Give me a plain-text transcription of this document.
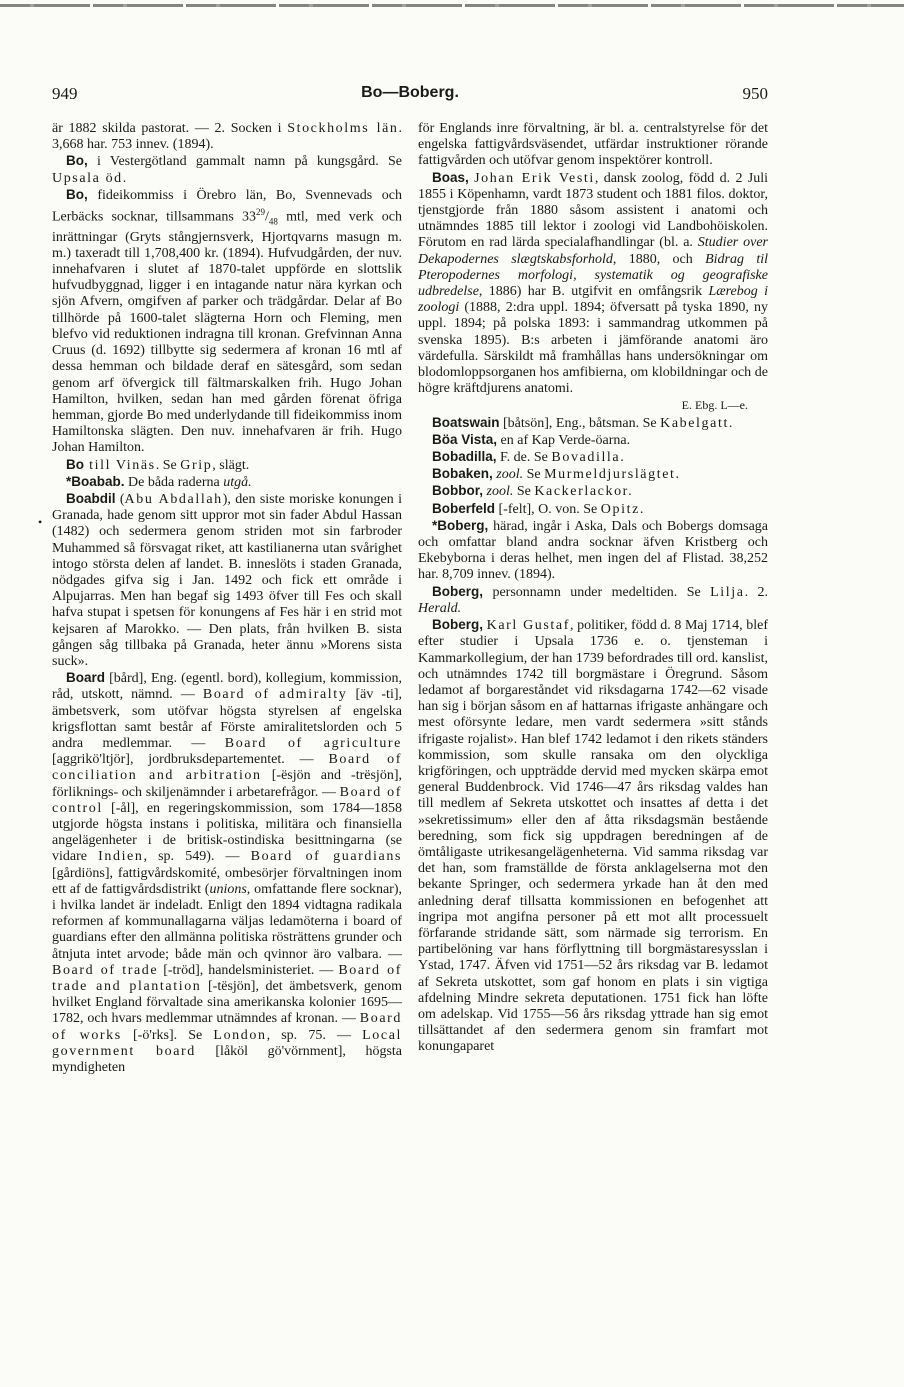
949	Bo—Boberg.	950
•

är 1882 skilda pastorat. — 2. Socken i Stockholms län. 3,668 har. 753 innev. (1894).

Bo, i Vestergötland gammalt namn på kungsgård. Se Upsala öd.

Bo, fideikommiss i Örebro län, Bo, Svennevads och Lerbäcks socknar, tillsammans $33^{29}/_{48}$ mtl, med verk och inrättningar (Gryts stångjernsverk, Hjortqvarns masugn m. m.) taxeradt till 1,708,400 kr. (1894). Hufvudgården, der nuv. innehafvaren i slutet af 1870-talet uppförde en slottslik hufvudbyggnad, ligger i en intagande natur nära kyrkan och sjön Afvern, omgifven af parker och trädgårdar. Delar af Bo tillhörde på 1600-talet slägterna Horn och Fleming, men blefvo vid reduktionen indragna till kronan. Grefvinnan Anna Cruus (d. 1692) tillbytte sig sedermera af kronan 16 mtl af dessa hemman och bildade deraf en sätesgård, som sedan genom arf öfvergick till fältmarskalken frih. Hugo Johan Hamilton, hvilken, sedan han med gården förenat öfriga hemman, gjorde Bo med underlydande till fideikommiss inom Hamiltonska slägten. Den nuv. innehafvaren är frih. Hugo Johan Hamilton.

Bo till Vinäs. Se Grip, slägt.

*Boabab. De båda raderna utgå.

Boabdil (Abu Abdallah), den siste moriske konungen i Granada, hade genom sitt uppror mot sin fader Abdul Hassan (1482) och sedermera genom striden mot sin farbroder Muhammed så försvagat riket, att kastilianerna utan svårighet intogo största delen af landet. B. inneslöts i staden Granada, nödgades gifva sig i Jan. 1492 och fick ett område i Alpujarras. Men han begaf sig 1493 öfver till Fes och skall hafva stupat i spetsen för konungens af Fes här i en strid mot kejsaren af Marokko. — Den plats, från hvilken B. sista gången såg tillbaka på Granada, heter ännu »Morens sista suck».

Board [bård], Eng. (egentl. bord), kollegium, kommission, råd, utskott, nämnd. — Board of admiralty [äv -ti], ämbetsverk, som utöfvar högsta styrelsen af engelska krigsflottan samt består af Förste amiralitetslorden och 5 andra medlemmar. — Board of agriculture [aggrikö'ltjör], jordbruksdepartementet. — Board of conciliation and arbitration [-ësjön and -trësjön], förliknings- och skiljenämnder i arbetarefrågor. — Board of control [-ål], en regeringskommission, som 1784—1858 utgjorde högsta instans i politiska, militära och finansiella angelägenheter i de britisk-ostindiska besittningarna (se vidare Indien, sp. 549). — Board of guardians [gårdiöns], fattigvårdskomité, ombesörjer förvaltningen inom ett af de fattigvårdsdistrikt (unions, omfattande flere socknar), i hvilka landet är indeladt. Enligt den 1894 vidtagna radikala reformen af kommunallagarna väljas ledamöterna i board of guardians efter den allmänna politiska rösträttens grunder och åtnjuta intet arvode; både män och qvinnor äro valbara. — Board of trade [-tröd], handelsministeriet. — Board of trade and plantation [-tësjön], det ämbetsverk, genom hvilket England förvaltade sina amerikanska kolonier 1695—1782, och hvars medlemmar utnämndes af kronan. — Board of works [-ö'rks]. Se London, sp. 75. — Local government board [låköl gö'vörnment], högsta myndigheten

för Englands inre förvaltning, är bl. a. centralstyrelse för det engelska fattigvårdsväsendet, utfärdar instruktioner rörande fattigvården och utöfvar genom inspektörer kontroll.

Boas, Johan Erik Vesti, dansk zoolog, född d. 2 Juli 1855 i Köpenhamn, vardt 1873 student och 1881 filos. doktor, tjenstgjorde från 1880 såsom assistent i anatomi och utnämndes 1885 till lektor i zoologi vid Landbohöiskolen. Förutom en rad lärda specialafhandlingar (bl. a. Studier over Dekapodernes slægtskabsforhold, 1880, och Bidrag til Pteropodernes morfologi, systematik og geografiske udbredelse, 1886) har B. utgifvit en omfångsrik Lærebog i zoologi (1888, 2:dra uppl. 1894; öfversatt på tyska 1890, ny uppl. 1894; på polska 1893: i sammandrag utkommen på svenska 1895). B:s arbeten i jämförande anatomi äro värdefulla. Särskildt må framhållas hans undersökningar om blodomloppsorganen hos amfibierna, om klobildningar och de högre kräftdjurens anatomi.

E. Ebg. L—e.

Boatswain [båtsön], Eng., båtsman. Se Kabelgatt.

Böa Vista, en af Kap Verde-öarna.

Bobadilla, F. de. Se Bovadilla.

Bobaken, zool. Se Murmeldjurslägtet.

Bobbor, zool. Se Kackerlackor.

Boberfeld [-felt], O. von. Se Opitz.

*Boberg, härad, ingår i Aska, Dals och Bobergs domsaga och omfattar bland andra socknar äfven Kristberg och Ekebyborna i deras helhet, men ingen del af Flistad. 38,252 har. 8,709 innev. (1894).

Boberg, personnamn under medeltiden. Se Lilja. 2. Herald.

Boberg, Karl Gustaf, politiker, född d. 8 Maj 1714, blef efter studier i Upsala 1736 e. o. tjensteman i Kammarkollegium, der han 1739 befordrades till ord. kanslist, och utnämndes 1742 till borgmästare i Öregrund. Såsom ledamot af borgareståndet vid riksdagarna 1742—62 visade han sig i början såsom en af hattarnas ifrigaste anhängare och mest oförsynte ledare, men vardt sedermera »sitt stånds ifrigaste rojalist». Han blef 1742 ledamot i den rikets ständers kommission, som skulle ransaka om den olyckliga krigföringen, och uppträdde dervid med mycken skärpa emot general Buddenbrock. Vid 1746—47 års riksdag valdes han till medlem af Sekreta utskottet och insattes af detta i det »sekretissimum» eller den af åtta riksdagsmän bestående beredning, som fick sig uppdragen beredningen af de ömtåligaste utrikesangelägenheterna. Vid samma riksdag var det han, som framställde de första anklagelserna mot den bekante Springer, och sedermera yrkade han åt den med anledning deraf tillsatta kommissionen en befogenhet att ingripa mot angifna personer på ett mot allt processuelt förfarande stridande sätt, som närmade sig terrorism. En partibelöning var hans förflyttning till borgmästaresysslan i Ystad, 1747. Äfven vid 1751—52 års riksdag var B. ledamot af Sekreta utskottet, som gaf honom en plats i sin vigtiga afdelning Mindre sekreta deputationen. 1751 fick han löfte om adelskap. Vid 1755—56 års riksdag yttrade han sig emot tillsättandet af den sedermera genom sin framfart mot konungaparet
